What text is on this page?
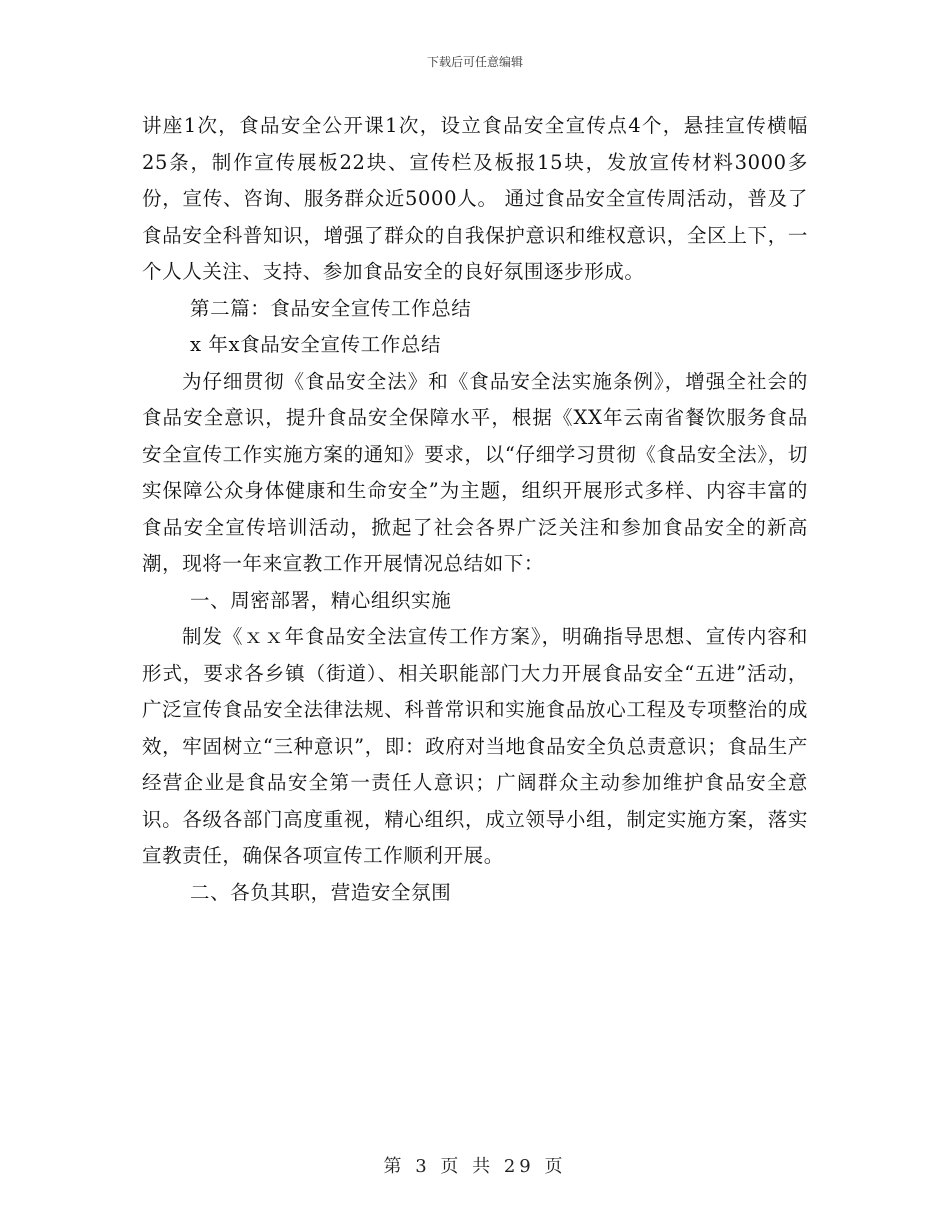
下载后可任意编辑

讲座1次，食品安全公开课1次，设立食品安全宣传点4个，悬挂宣传横幅25条，制作宣传展板22块、宣传栏及板报15块，发放宣传材料3000多份，宣传、咨询、服务群众近5000人。 通过食品安全宣传周活动，普及了食品安全科普知识，增强了群众的自我保护意识和维权意识，全区上下，一个人人关注、支持、参加食品安全的良好氛围逐步形成。

第二篇：食品安全宣传工作总结

x 年x食品安全宣传工作总结

为仔细贯彻《食品安全法》和《食品安全法实施条例》，增强全社会的食品安全意识，提升食品安全保障水平，根据《XX年云南省餐饮服务食品安全宣传工作实施方案的通知》要求，以“仔细学习贯彻《食品安全法》，切实保障公众身体健康和生命安全”为主题，组织开展形式多样、内容丰富的食品安全宣传培训活动，掀起了社会各界广泛关注和参加食品安全的新高潮，现将一年来宣教工作开展情况总结如下：

一、周密部署，精心组织实施

制发《ｘｘ年食品安全法宣传工作方案》，明确指导思想、宣传内容和形式，要求各乡镇（街道）、相关职能部门大力开展食品安全“五进”活动，广泛宣传食品安全法律法规、科普常识和实施食品放心工程及专项整治的成效，牢固树立“三种意识”，即：政府对当地食品安全负总责意识；食品生产经营企业是食品安全第一责任人意识；广阔群众主动参加维护食品安全意识。各级各部门高度重视，精心组织，成立领导小组，制定实施方案，落实宣教责任，确保各项宣传工作顺利开展。

二、各负其职，营造安全氛围

第 3 页 共 29 页
